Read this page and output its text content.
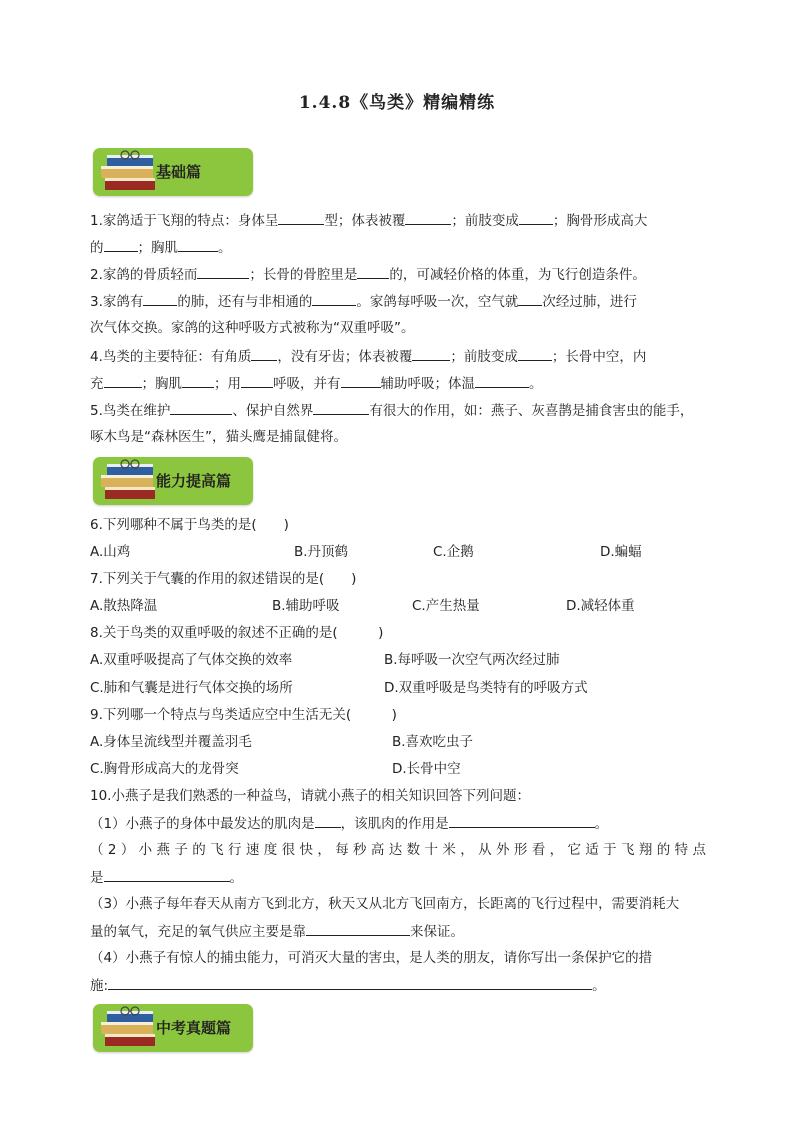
1.4.8《鸟类》精编精练
基础篇
1.家鸽适于飞翔的特点：身体呈	型；体表被覆	；前肢变成	；胸骨形成高大
的	；胸肌	。
2.家鸽的骨质轻而	；长骨的骨腔里是 的，可减轻价格的体重，为飞行创造条件。
3.家鸽有	的肺，还有与非相通的	。家鸽每呼吸一次，空气就 次经过肺，进行
次气体交换。家鸽的这种呼吸方式被称为“双重呼吸”。
4.鸟类的主要特征：有角质 ，没有牙齿；体表被覆	；前肢变成	；长骨中空，内
充	；胸肌 ；用 呼吸，并有	辅助呼吸；体温	。
5.鸟类在维护	、保护自然界	有很大的作用，如：燕子、灰喜鹊是捕食害虫的能手，
啄木鸟是“森林医生”，猫头鹰是捕鼠健将。
能力提高篇
6.下列哪种不属于鸟类的是(　　)
A.山鸡	B.丹顶鹤	C.企鹅	D.蝙蝠
7.下列关于气囊的作用的叙述错误的是(　　)
A.散热降温	B.辅助呼吸	C.产生热量	D.减轻体重
8.关于鸟类的双重呼吸的叙述不正确的是(　　　)
A.双重呼吸提高了气体交换的效率	B.每呼吸一次空气两次经过肺
C.肺和气囊是进行气体交换的场所	D.双重呼吸是鸟类特有的呼吸方式
9.下列哪一个特点与鸟类适应空中生活无关(　　　)
A.身体呈流线型并覆盖羽毛	B.喜欢吃虫子
C.胸骨形成高大的龙骨突	D.长骨中空
10.小燕子是我们熟悉的一种益鸟，请就小燕子的相关知识回答下列问题：
（1）小燕子的身体中最发达的肌肉是 ，该肌肉的作用是	。
（2）小燕子的飞行速度很快，每秒高达数十米，从外形看，它适于飞翔的特点
是	。
（3）小燕子每年春天从南方飞到北方，秋天又从北方飞回南方，长距离的飞行过程中，需要消耗大
量的氧气，充足的氧气供应主要是靠	来保证。
（4）小燕子有惊人的捕虫能力，可消灭大量的害虫，是人类的朋友，请你写出一条保护它的措
施:	。
中考真题篇
